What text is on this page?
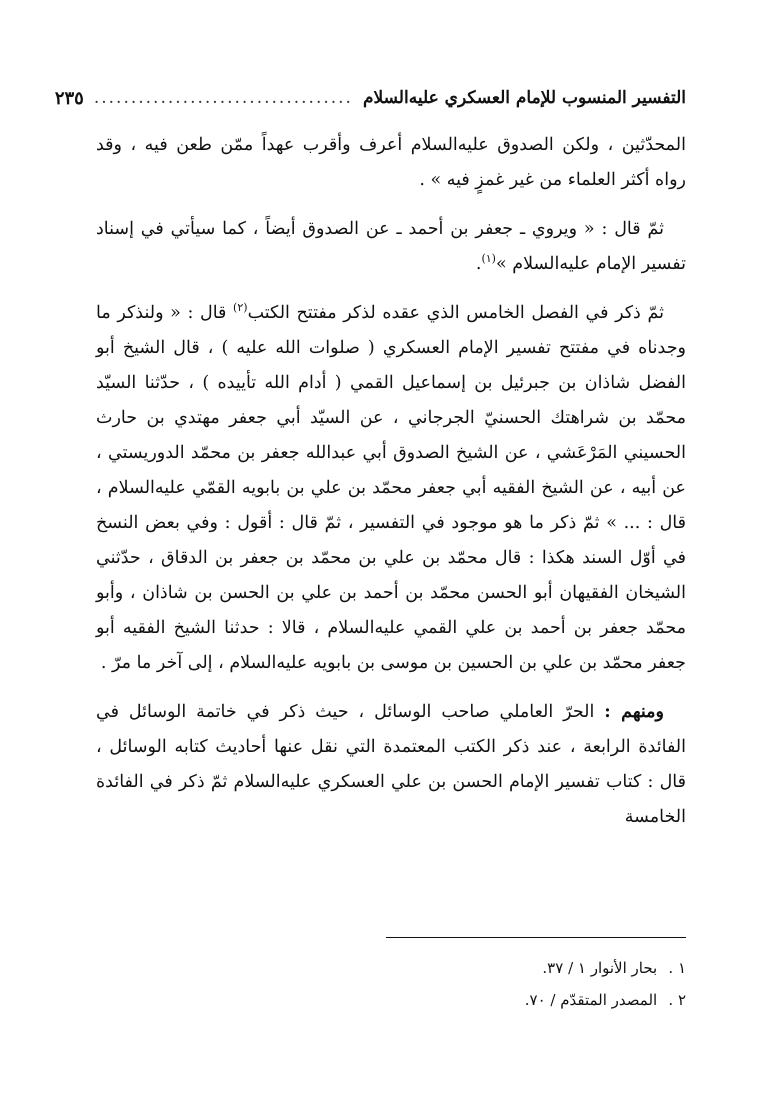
التفسير المنسوب للإمام العسكري عليه‌السلام
...................................
٢٣٥

المحدّثين ، ولكن الصدوق عليه‌السلام أعرف وأقرب عهداً ممّن طعن فيه ، وقد رواه أكثر العلماء من غير غمزٍ فيه » .

ثمّ قال : « ويروي ـ جعفر بن أحمد ـ عن الصدوق أيضاً ، كما سيأتي في إسناد تفسير الإمام عليه‌السلام »$^{(١)}$.

ثمّ ذكر في الفصل الخامس الذي عقده لذكر مفتتح الكتب$^{(٢)}$ قال : « ولنذكر ما وجدناه في مفتتح تفسير الإمام العسكري ( صلوات الله عليه ) ، قال الشيخ أبو الفضل شاذان بن جبرئيل بن إسماعيل القمي ( أدام الله تأييده ) ، حدّثنا السيّد محمّد بن شراهتك الحسنيّ الجرجاني ، عن السيّد أبي جعفر مهتدي بن حارث الحسيني المَرْعَشي ، عن الشيخ الصدوق أبي عبدالله جعفر بن محمّد الدوريستي ، عن أبيه ، عن الشيخ الفقيه أبي جعفر محمّد بن علي بن بابويه القمّي عليه‌السلام ، قال : ... » ثمّ ذكر ما هو موجود في التفسير ، ثمّ قال : أقول : وفي بعض النسخ في أوّل السند هكذا : قال محمّد بن علي بن محمّد بن جعفر بن الدقاق ، حدّثني الشيخان الفقيهان أبو الحسن محمّد بن أحمد بن علي بن الحسن بن شاذان ، وأبو محمّد جعفر بن أحمد بن علي القمي عليه‌السلام ، قالا : حدثنا الشيخ الفقيه أبو جعفر محمّد بن علي بن الحسين بن موسى بن بابويه عليه‌السلام ، إلى آخر ما مرّ .

ومنهم : الحرّ العاملي صاحب الوسائل ، حيث ذكر في خاتمة الوسائل في الفائدة الرابعة ، عند ذكر الكتب المعتمدة التي نقل عنها أحاديث كتابه الوسائل ، قال : كتاب تفسير الإمام الحسن بن علي العسكري عليه‌السلام ثمّ ذكر في الفائدة الخامسة

١ . بحار الأنوار ١ / ٣٧.
٢ . المصدر المتقدّم / ٧٠.
